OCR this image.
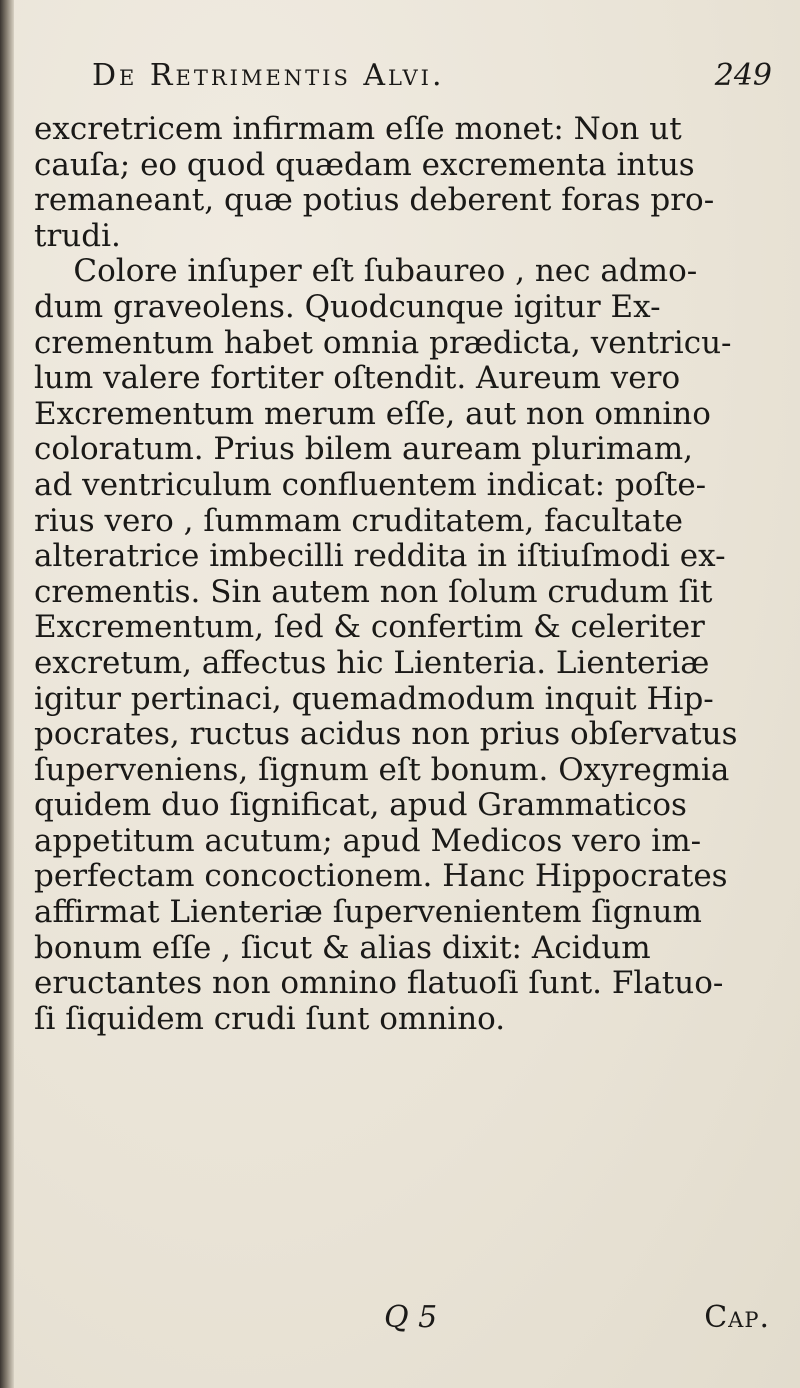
De Retrimentis Alvi.	249
excretricem infirmam eſſe monet: Non ut
cauſa; eo quod quædam excrementa intus
remaneant, quæ potius deberent foras pro-
trudi.
Colore inſuper eſt ſubaureo , nec admo-
dum graveolens. Quodcunque igitur Ex-
crementum habet omnia prædicta, ventricu-
lum valere fortiter oſtendit. Aureum vero
Excrementum merum eſſe, aut non omnino
coloratum. Prius bilem auream plurimam,
ad ventriculum confluentem indicat: poſte-
rius vero , ſummam cruditatem, facultate
alteratrice imbecilli reddita in iſtiuſmodi ex-
crementis. Sin autem non ſolum crudum ſit
Excrementum, ſed & confertim & celeriter
excretum, affectus hic Lienteria. Lienteriæ
igitur pertinaci, quemadmodum inquit Hip-
pocrates, ructus acidus non prius obſervatus
ſuperveniens, ſignum eſt bonum. Oxyregmia
quidem duo ſignificat, apud Grammaticos
appetitum acutum; apud Medicos vero im-
perfectam concoctionem. Hanc Hippocrates
affirmat Lienteriæ ſupervenientem ſignum
bonum eſſe , ſicut & alias dixit: Acidum
eructantes non omnino flatuoſi ſunt. Flatuo-
ſi ſiquidem crudi ſunt omnino.
Q 5	Cap.
